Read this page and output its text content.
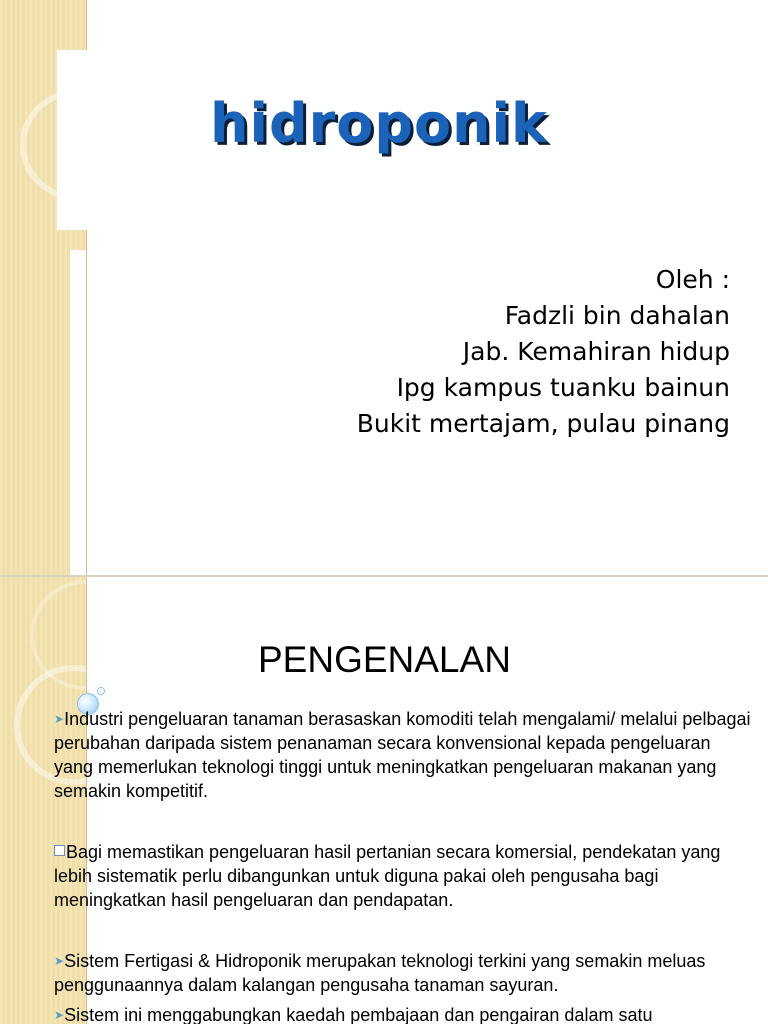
hidroponik
Oleh :
Fadzli bin dahalan
Jab. Kemahiran hidup
Ipg kampus tuanku bainun
Bukit mertajam, pulau pinang
PENGENALAN

➤Industri pengeluaran tanaman berasaskan komoditi telah mengalami/ melalui pelbagai perubahan daripada sistem penanaman secara konvensional kepada pengeluaran yang memerlukan teknologi tinggi untuk meningkatkan pengeluaran makanan yang semakin kompetitif.

Bagi memastikan pengeluaran hasil pertanian secara komersial, pendekatan yang lebih sistematik perlu dibangunkan untuk diguna pakai oleh pengusaha bagi meningkatkan hasil pengeluaran dan pendapatan.

➤Sistem Fertigasi & Hidroponik merupakan teknologi terkini yang semakin meluas penggunaannya dalam kalangan pengusaha tanaman sayuran.

➤Sistem ini menggabungkan kaedah pembajaan dan pengairan dalam satu
